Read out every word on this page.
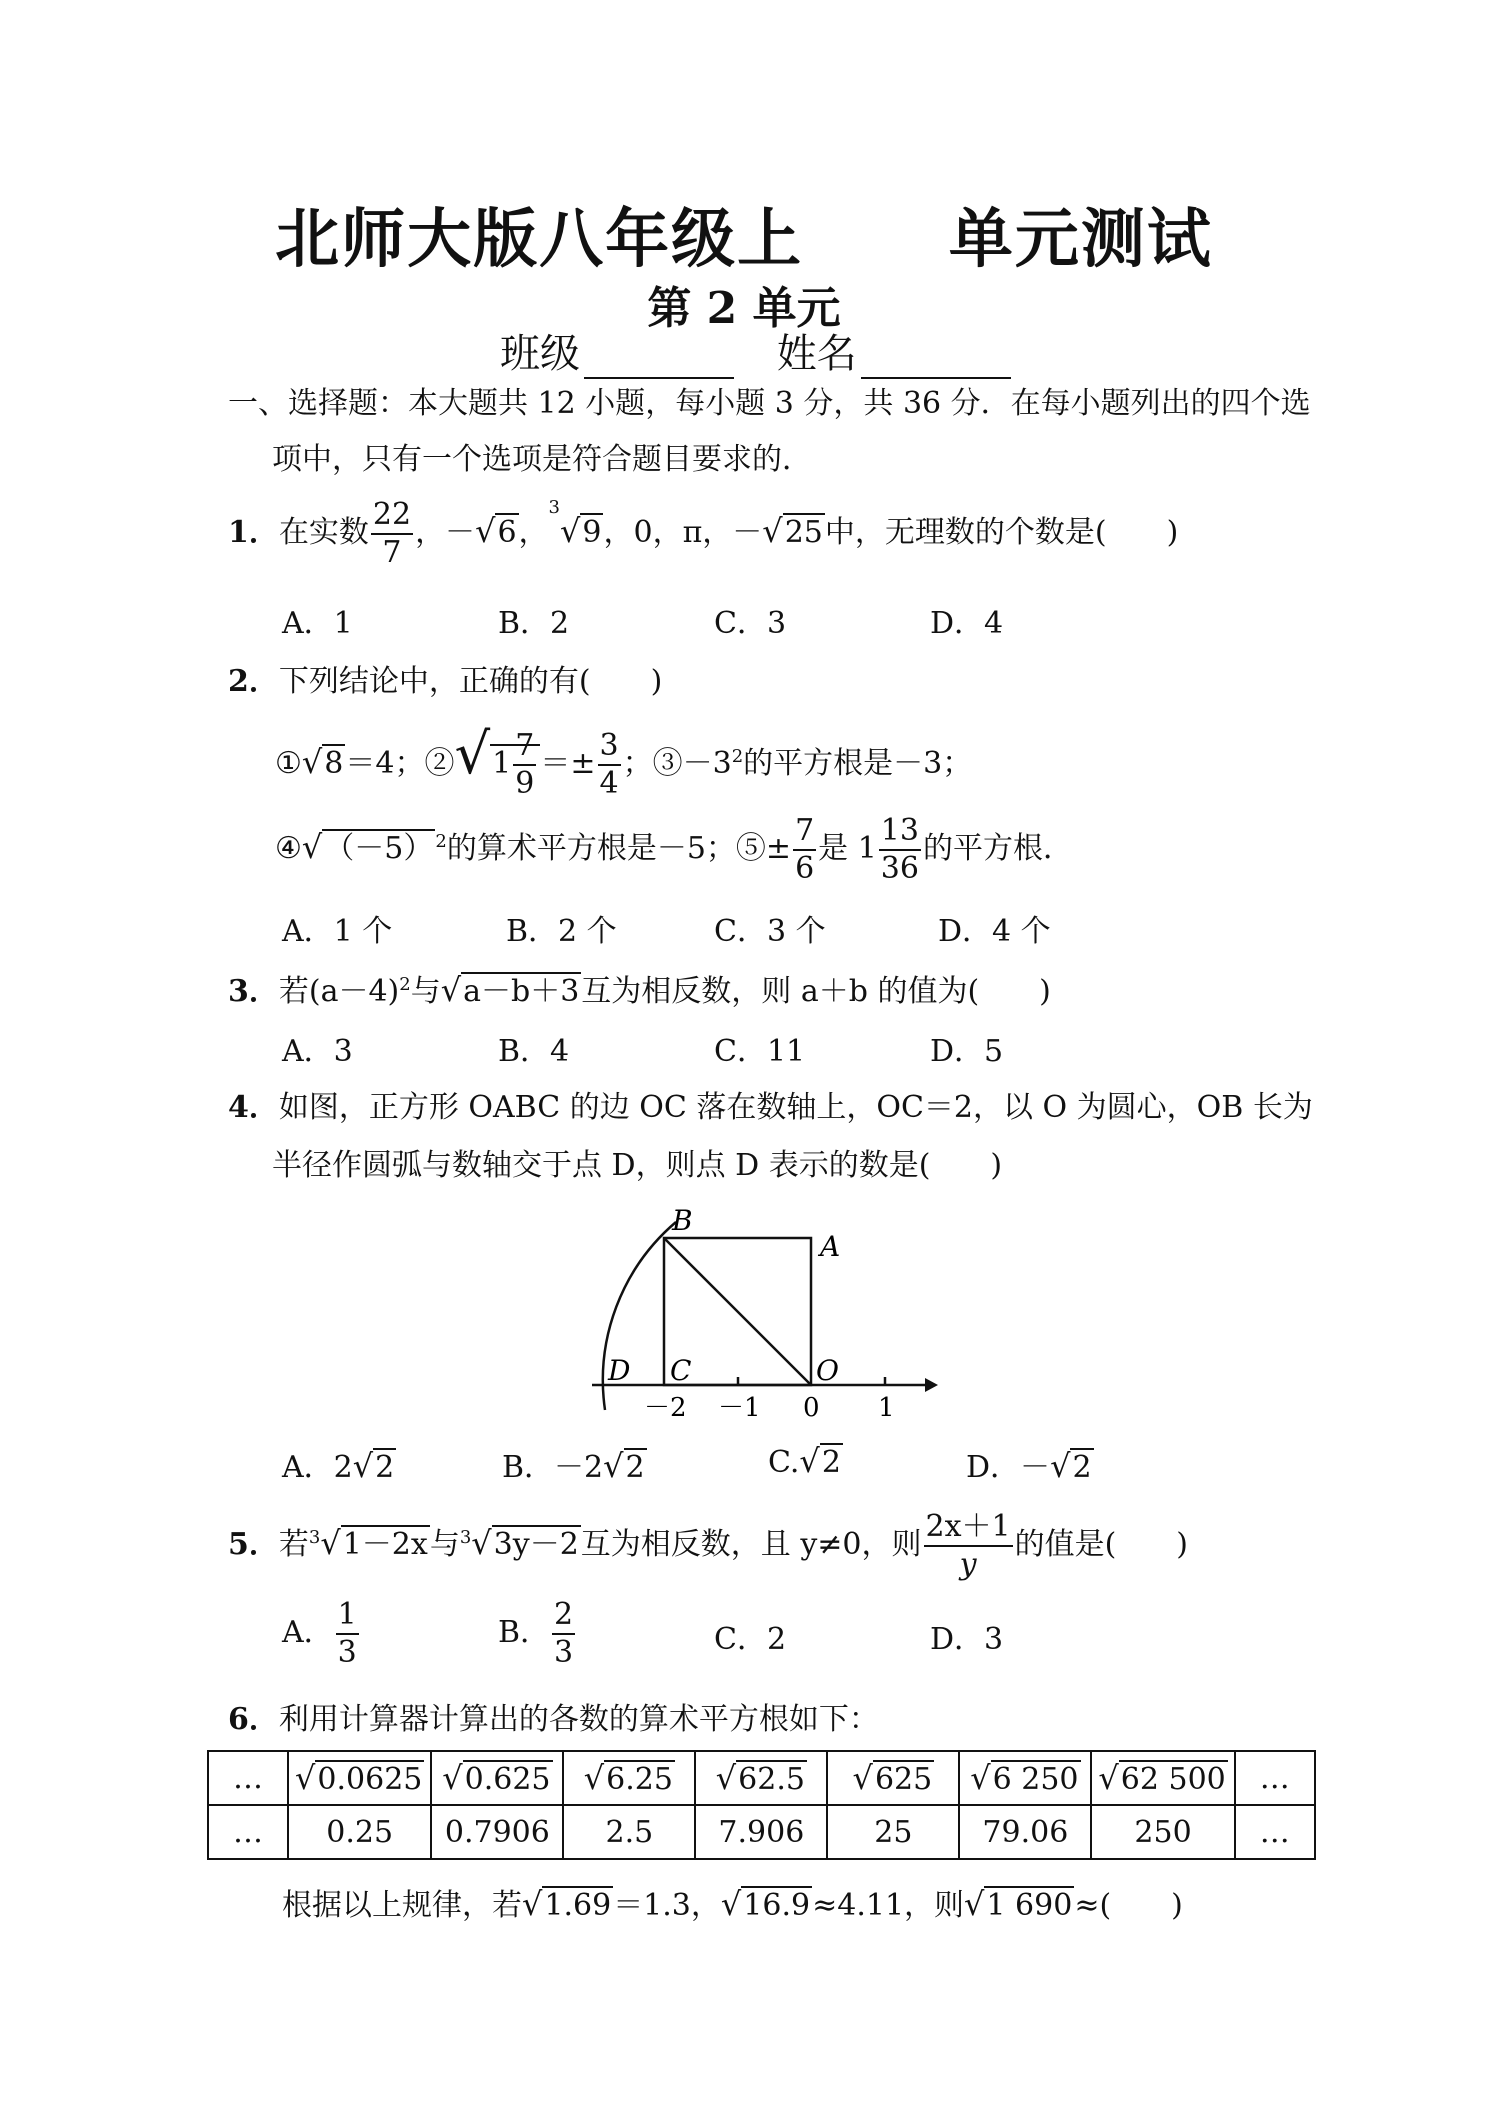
北师大版八年级上      单元测试
第 2 单元
班级	姓名
一、选择题：本大题共 12 小题，每小题 3 分，共 36 分．在每小题列出的四个选
项中，只有一个选项是符合题目要求的．
1．在实数 $\frac{22}{7}$ ，－√6，$^3$√9，0，π，－√25中，无理数的个数是(　　)
A．1	B．2	C．3	D．4
2．下列结论中，正确的有(　　)
①√8＝4；②√1 $\frac{7}{9} =\pm \frac{3}{4}$ ；$③-3^2$的平方根是－3；
④√（－5） $^2$的算术平方根是－5；⑤± $\frac{7}{6}$ 是 $1 \frac{13}{36}$ 的平方根．
A．1 个	B．2 个	C．3 个	D．4 个
3．若$(a-4)^2$与√a－b＋3互为相反数，则 a＋b 的值为(　　)
A．3	B．4	C．11	D．5
4．如图，正方形 OABC 的边 OC 落在数轴上，OC＝2，以 O 为圆心，OB 长为
半径作圆弧与数轴交于点 D，则点 D 表示的数是(　　)
B
A
D C	O
－2 －1 0 1
A．2√2	B．－2√2	C.√2	D．－√2
5．若$^3$√1－2x与$^3$√3y－2互为相反数，且 y≠0，则 $\frac{2x+1}{y}$ 的值是(　　)
A． $\frac{1}{3}$	B． $\frac{2}{3}$	C．2	D．3
6．利用计算器计算出的各数的算术平方根如下：
…	√0.0625	√0.625	√6.25	√62.5	√625	√6 250	√62 500	…
…	0.25	0.7906	2.5	7.906	25	79.06	250	…
根据以上规律，若√1.69＝1.3，√16.9≈4.11，则√1 690≈(　　)
